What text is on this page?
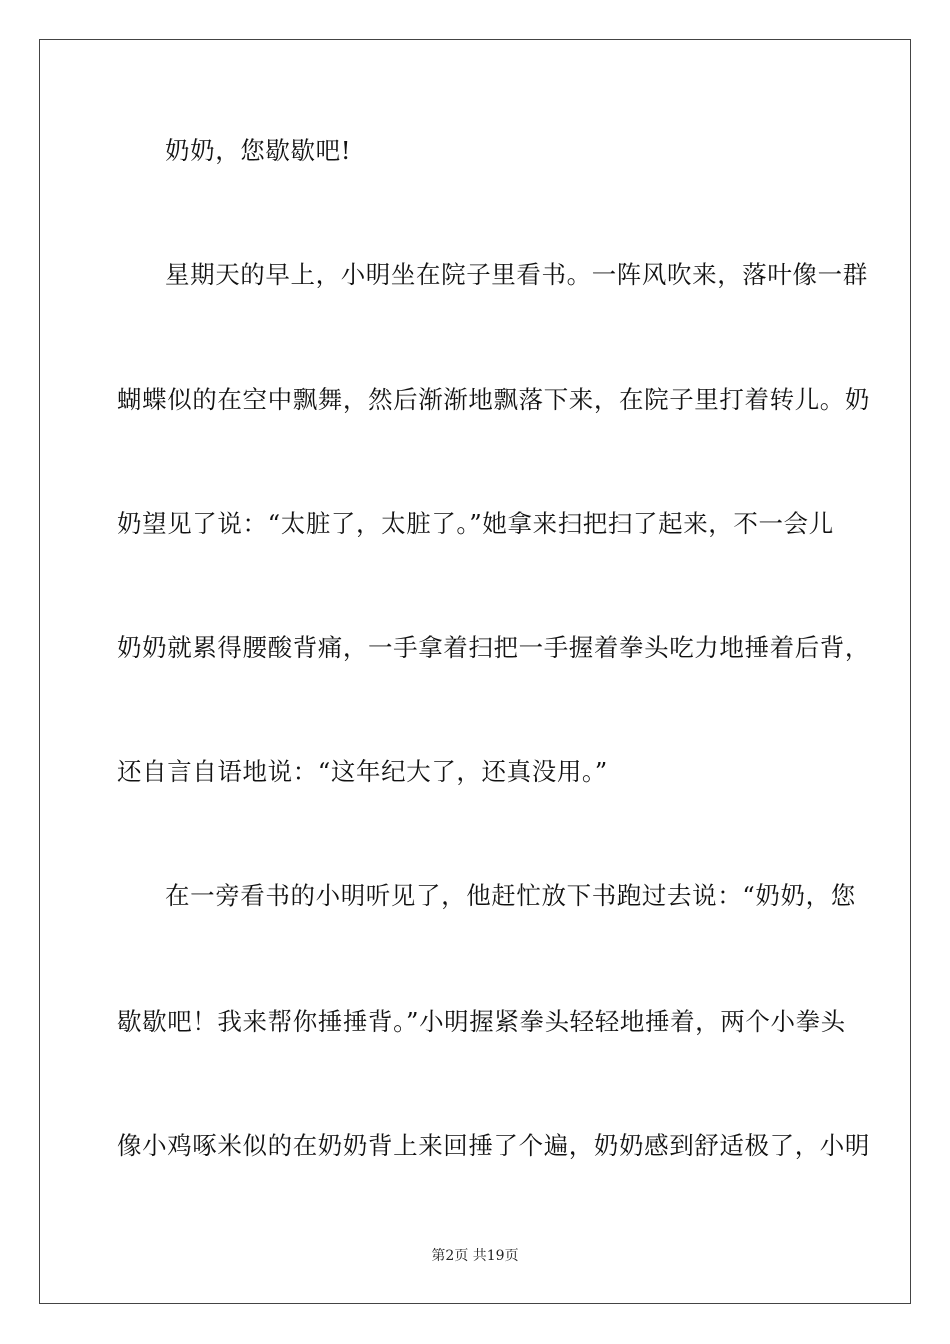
奶奶，您歇歇吧!
星期天的早上，小明坐在院子里看书。一阵风吹来，落叶像一群
蝴蝶似的在空中飘舞，然后渐渐地飘落下来，在院子里打着转儿。奶
奶望见了说：“太脏了，太脏了。”她拿来扫把扫了起来，不一会儿
奶奶就累得腰酸背痛，一手拿着扫把一手握着拳头吃力地捶着后背，
还自言自语地说：“这年纪大了，还真没用。”
在一旁看书的小明听见了，他赶忙放下书跑过去说：“奶奶，您
歇歇吧！我来帮你捶捶背。”小明握紧拳头轻轻地捶着，两个小拳头
像小鸡啄米似的在奶奶背上来回捶了个遍，奶奶感到舒适极了，小明
第2页 共19页
